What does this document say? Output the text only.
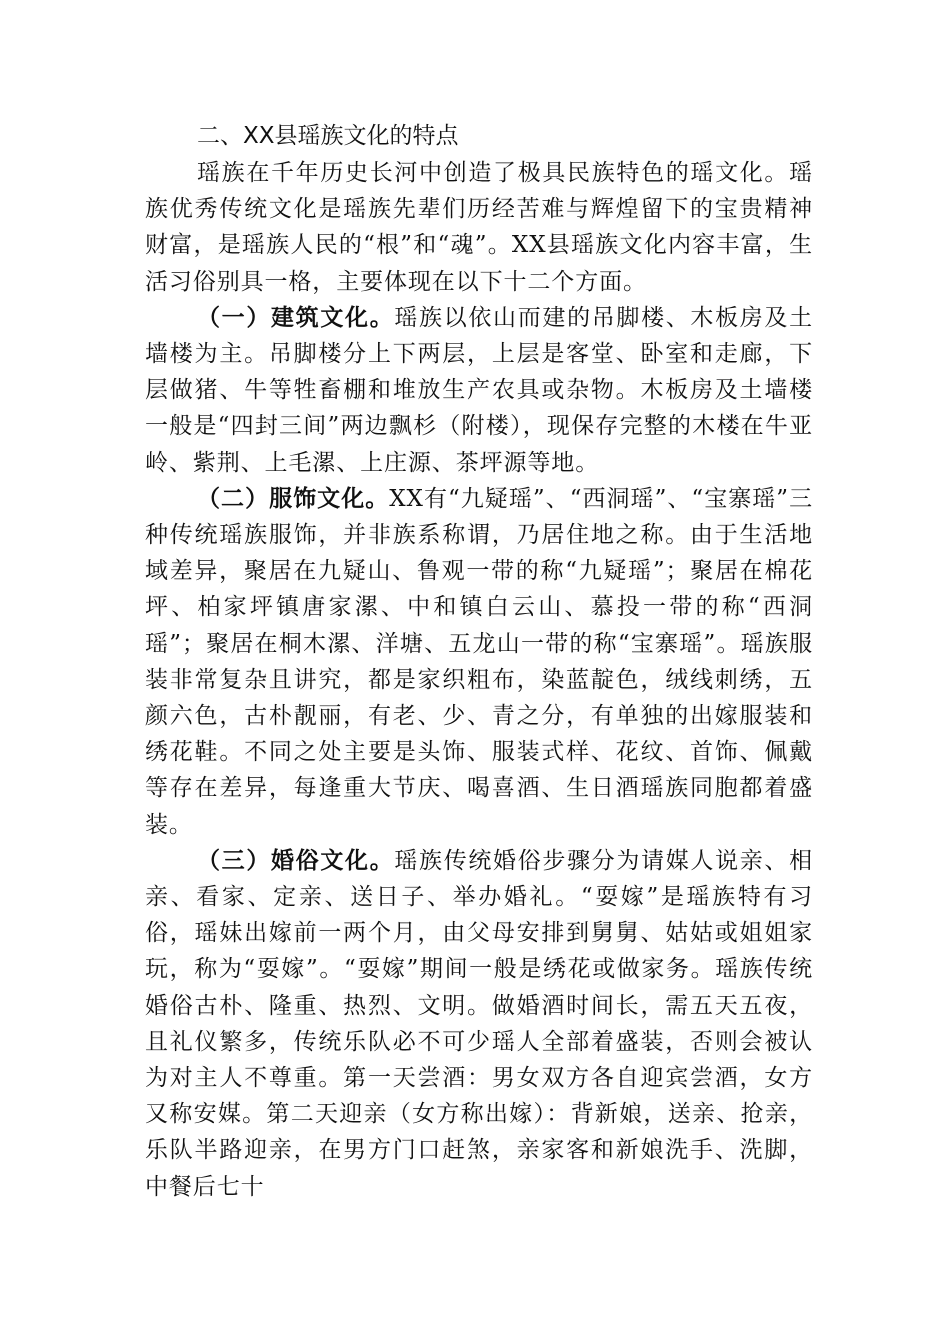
二、XX县瑶族文化的特点

瑶族在千年历史长河中创造了极具民族特色的瑶文化。瑶族优秀传统文化是瑶族先辈们历经苦难与辉煌留下的宝贵精神财富，是瑶族人民的“根”和“魂”。XX县瑶族文化内容丰富，生活习俗别具一格，主要体现在以下十二个方面。

（一）建筑文化。瑶族以依山而建的吊脚楼、木板房及土墙楼为主。吊脚楼分上下两层，上层是客堂、卧室和走廊，下层做猪、牛等牲畜棚和堆放生产农具或杂物。木板房及土墙楼一般是“四封三间”两边飘杉（附楼），现保存完整的木楼在牛亚岭、紫荆、上毛漯、上庄源、茶坪源等地。

（二）服饰文化。XX有“九疑瑶”、“西洞瑶”、“宝寨瑶”三种传统瑶族服饰，并非族系称谓，乃居住地之称。由于生活地域差异，聚居在九疑山、鲁观一带的称“九疑瑶”；聚居在棉花坪、柏家坪镇唐家漯、中和镇白云山、慕投一带的称“西洞瑶”；聚居在桐木漯、洋塘、五龙山一带的称“宝寨瑶”。瑶族服装非常复杂且讲究，都是家织粗布，染蓝靛色，绒线刺绣，五颜六色，古朴靓丽，有老、少、青之分，有单独的出嫁服装和绣花鞋。不同之处主要是头饰、服装式样、花纹、首饰、佩戴等存在差异，每逢重大节庆、喝喜酒、生日酒瑶族同胞都着盛装。

（三）婚俗文化。瑶族传统婚俗步骤分为请媒人说亲、相亲、看家、定亲、送日子、举办婚礼。“耍嫁”是瑶族特有习俗，瑶妹出嫁前一两个月，由父母安排到舅舅、姑姑或姐姐家玩，称为“耍嫁”。“耍嫁”期间一般是绣花或做家务。瑶族传统婚俗古朴、隆重、热烈、文明。做婚酒时间长，需五天五夜，且礼仪繁多，传统乐队必不可少瑶人全部着盛装，否则会被认为对主人不尊重。第一天尝酒：男女双方各自迎宾尝酒，女方又称安媒。第二天迎亲（女方称出嫁）：背新娘，送亲、抢亲，乐队半路迎亲，在男方门口赶煞，亲家客和新娘洗手、洗脚，中餐后七十
